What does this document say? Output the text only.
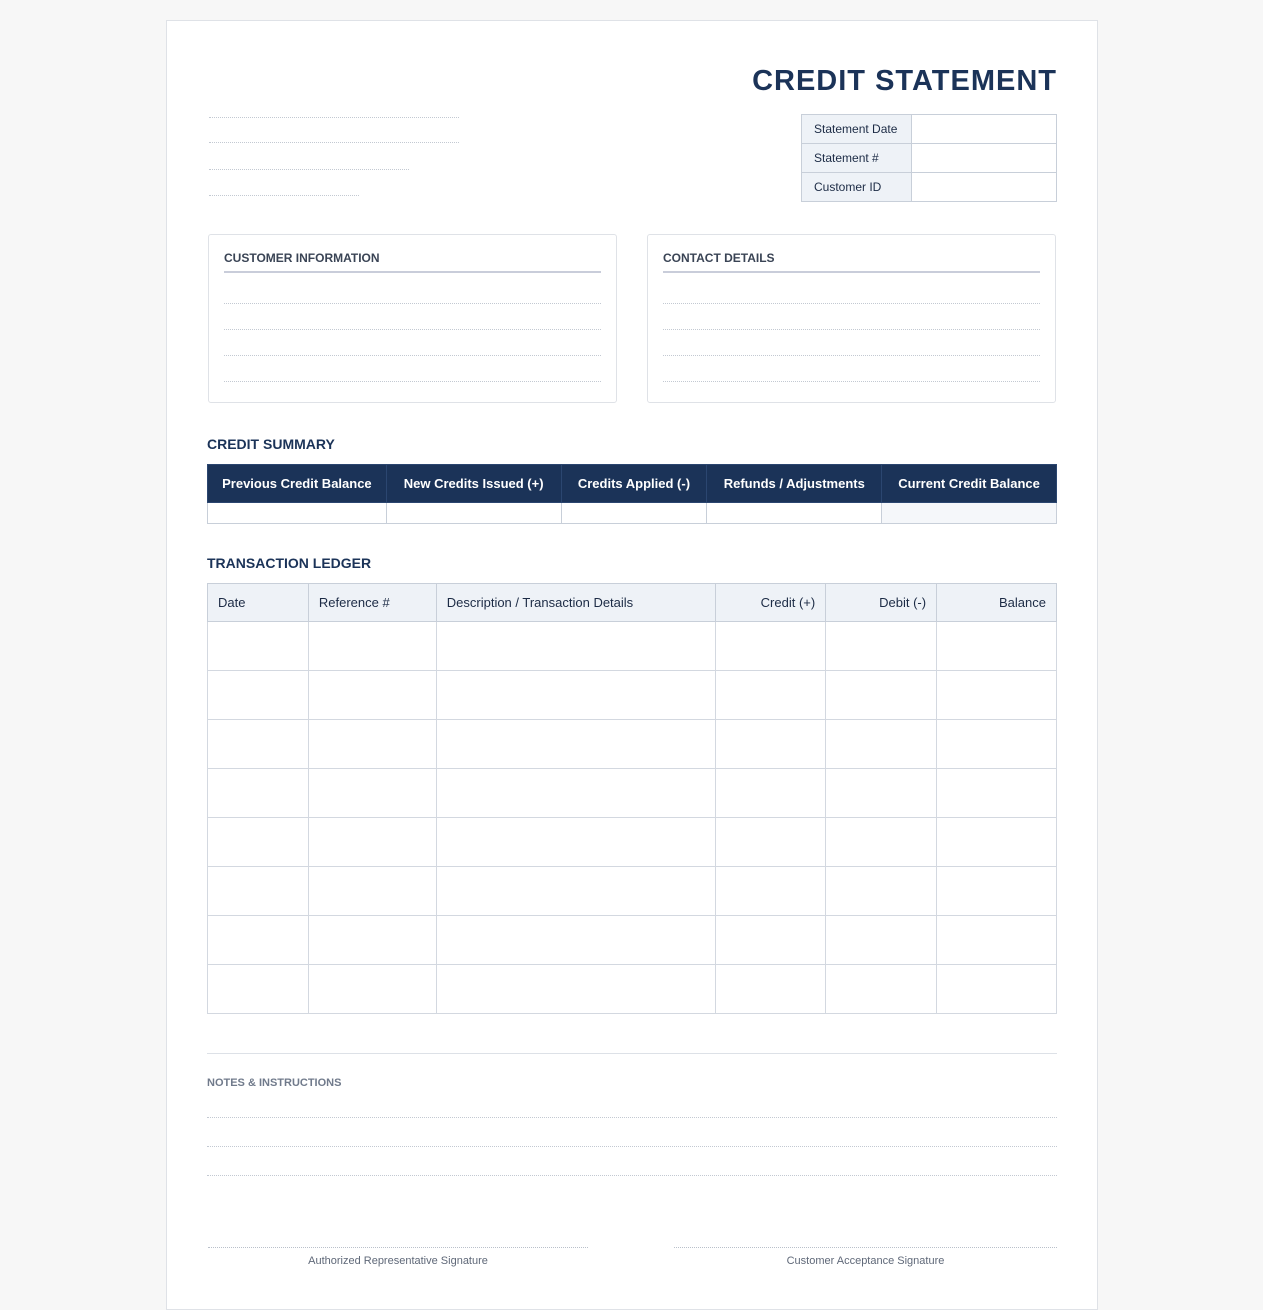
CREDIT STATEMENT
Statement Date	
Statement #	
Customer ID	
CUSTOMER INFORMATION	CONTACT DETAILS
CREDIT SUMMARY
Previous Credit Balance	New Credits Issued (+)	Credits Applied (-)	Refunds / Adjustments	Current Credit Balance

TRANSACTION LEDGER
Date	Reference #	Description / Transaction Details	Credit (+)	Debit (-)	Balance

NOTES & INSTRUCTIONS
Authorized Representative Signature	Customer Acceptance Signature
